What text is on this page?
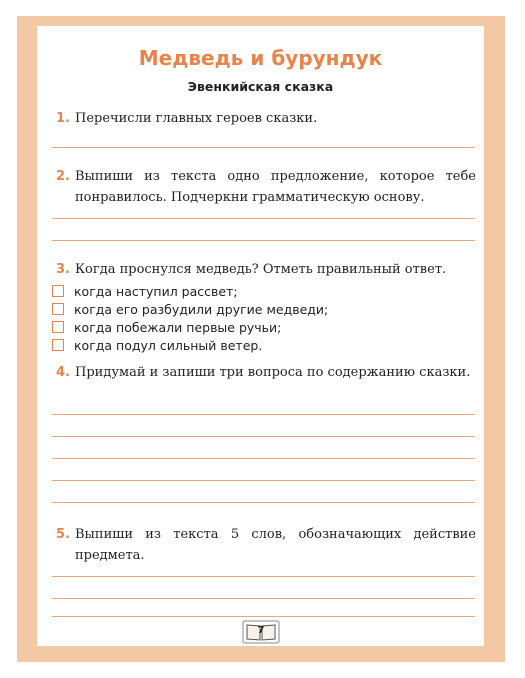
Медведь и бурундук
Эвенкийская сказка
1. Перечисли главных героев сказки.
2. Выпиши из текста одно предложение, которое тебе понравилось. Подчеркни грамматическую основу.
3. Когда проснулся медведь? Отметь правильный ответ.
когда наступил рассвет;
когда его разбудили другие медведи;
когда побежали первые ручьи;
когда подул сильный ветер.
4. Придумай и запиши три вопроса по содержанию сказки.
5. Выпиши из текста 5 слов, обозначающих действие предмета.
7
